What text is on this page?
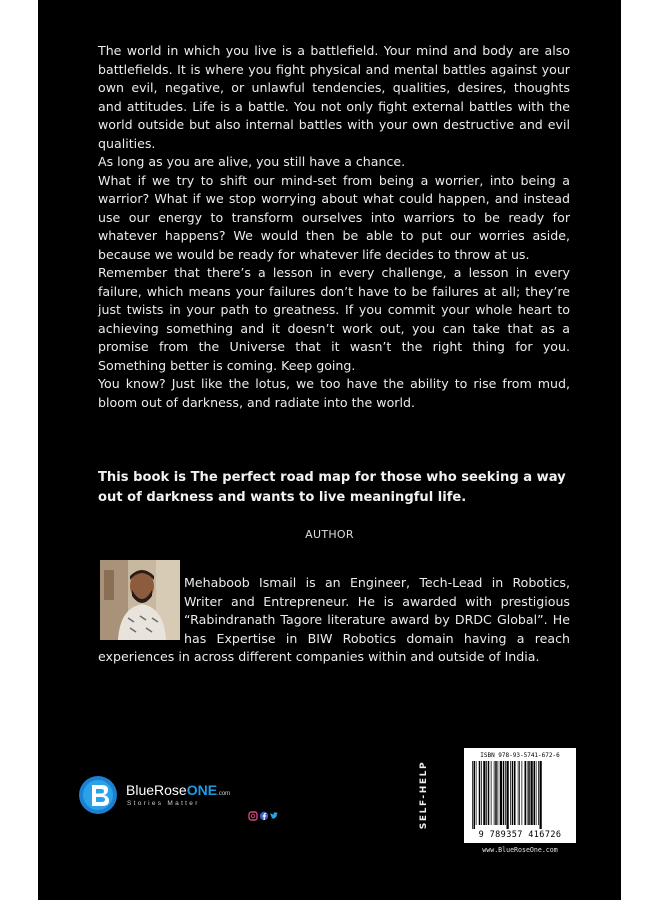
The world in which you live is a battlefield. Your mind and body are also battlefields. It is where you fight physical and mental battles against your own evil, negative, or unlawful tendencies, qualities, desires, thoughts and attitudes. Life is a battle. You not only fight external battles with the world outside but also internal battles with your own destructive and evil qualities.

As long as you are alive, you still have a chance.

What if we try to shift our mind-set from being a worrier, into being a warrior? What if we stop worrying about what could happen, and instead use our energy to transform ourselves into warriors to be ready for whatever happens? We would then be able to put our worries aside, because we would be ready for whatever life decides to throw at us.

Remember that there’s a lesson in every challenge, a lesson in every failure, which means your failures don’t have to be failures at all; they’re just twists in your path to greatness. If you commit your whole heart to achieving something and it doesn’t work out, you can take that as a promise from the Universe that it wasn’t the right thing for you. Something better is coming. Keep going.

You know? Just like the lotus, we too have the ability to rise from mud, bloom out of darkness, and radiate into the world.

This book is The perfect road map for those who seeking a way out of darkness and wants to live meaningful life.
AUTHOR
Mehaboob Ismail is an Engineer, Tech-Lead in Robotics, Writer and Entrepreneur. He is awarded with prestigious “Rabindranath Tagore literature award by DRDC Global”. He has Expertise in BIW Robotics domain having a reach experiences in across different companies within and outside of India.
BlueRoseONE.com
Stories Matter	SELF-HELP
ISBN 978-93-5741-672-6
9 789357 416726
www.BlueRoseOne.com
